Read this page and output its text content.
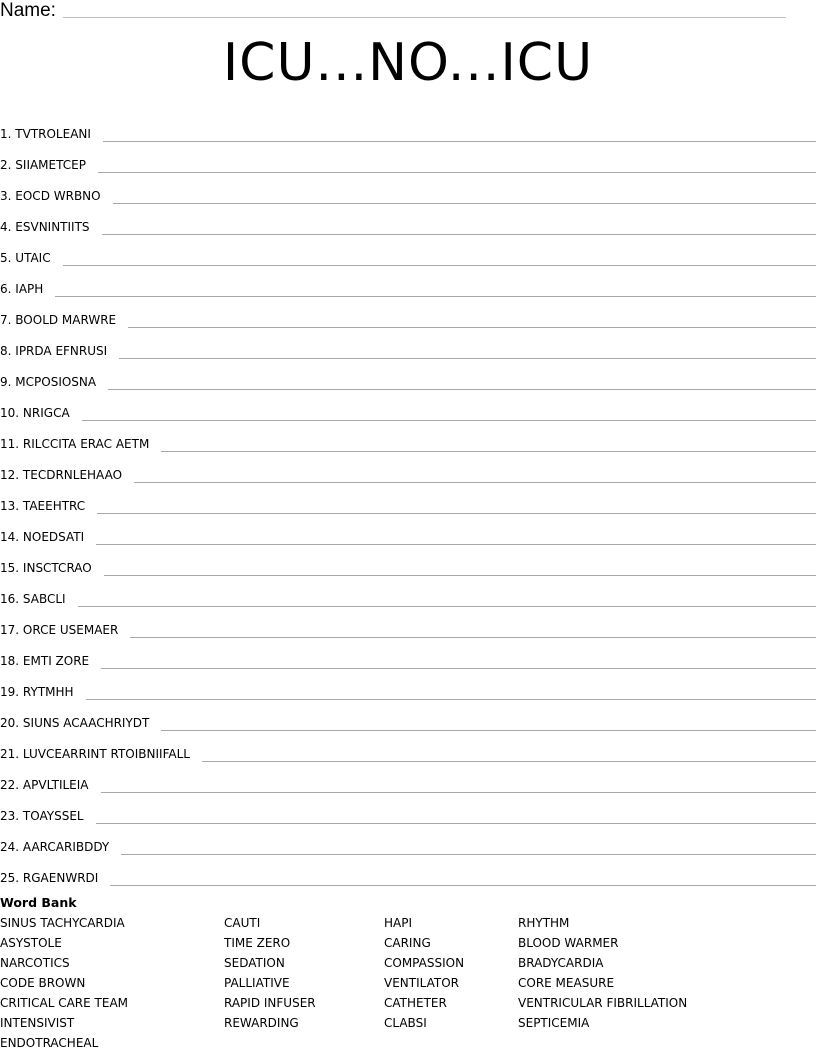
Name:
ICU...NO...ICU
1.
TVTROLEANI
2.
SIIAMETCEP
3.
EOCD WRBNO
4.
ESVNINTIITS
5.
UTAIC
6.
IAPH
7.
BOOLD MARWRE
8.
IPRDA EFNRUSI
9.
MCPOSIOSNA
10.
NRIGCA
11.
RILCCITA ERAC AETM
12.
TECDRNLEHAAO
13.
TAEEHTRC
14.
NOEDSATI
15.
INSCTCRAO
16.
SABCLI
17.
ORCE USEMAER
18.
EMTI ZORE
19.
RYTMHH
20.
SIUNS ACAACHRIYDT
21.
LUVCEARRINT RTOIBNIIFALL
22.
APVLTILEIA
23.
TOAYSSEL
24.
AARCARIBDDY
25.
RGAENWRDI
Word Bank
SINUS TACHYCARDIA
ASYSTOLE
NARCOTICS
CODE BROWN
CRITICAL CARE TEAM
INTENSIVIST
ENDOTRACHEAL
CAUTI
TIME ZERO
SEDATION
PALLIATIVE
RAPID INFUSER
REWARDING
HAPI
CARING
COMPASSION
VENTILATOR
CATHETER
CLABSI
RHYTHM
BLOOD WARMER
BRADYCARDIA
CORE MEASURE
VENTRICULAR FIBRILLATION
SEPTICEMIA
